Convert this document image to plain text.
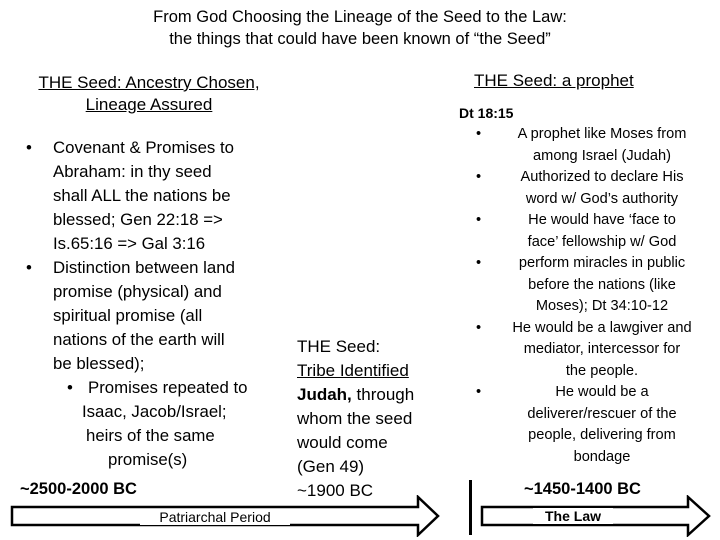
From God Choosing the Lineage of the Seed to the Law:
the things that could have been known of “the Seed”
THE Seed: Ancestry Chosen,
Lineage Assured
• Covenant & Promises to
Abraham: in thy seed
shall ALL the nations be
blessed; Gen 22:18 =>
Is.65:16 => Gal 3:16
• Distinction between land
promise (physical) and
spiritual promise (all
nations of the earth will
be blessed);
• Promises repeated to
Isaac, Jacob/Israel;
heirs of the same
promise(s)
~2500-2000 BC
THE Seed:
Tribe Identified
Judah, through
whom the seed
would come
(Gen 49)
~1900 BC
THE Seed: a prophet
Dt 18:15
•	A prophet like Moses from
among Israel (Judah)
•	Authorized to declare His
word w/ God’s authority
•	He would have ‘face to
face’ fellowship w/ God
•	perform miracles in public
before the nations (like
Moses); Dt 34:10-12
•	He would be a lawgiver and
mediator, intercessor for
the people.
•	He would be a
deliverer/rescuer of the
people, delivering from
bondage
~1450-1400 BC
Patriarchal Period	The Law
